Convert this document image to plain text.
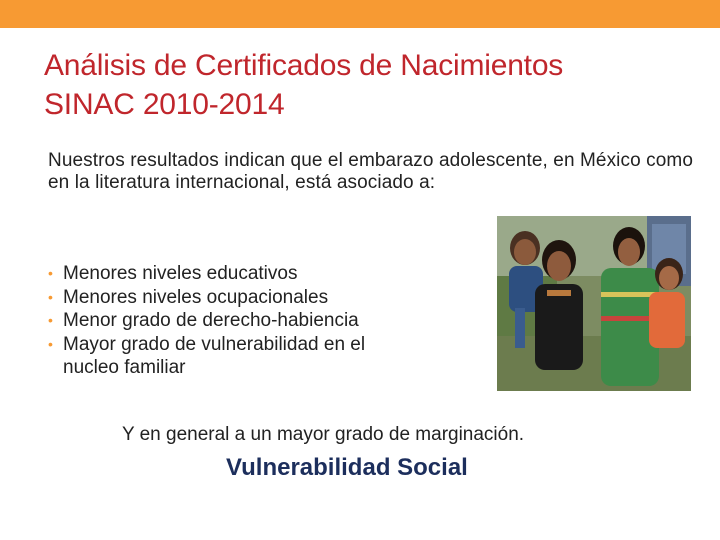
Análisis de Certificados de Nacimientos
SINAC 2010-2014
Nuestros resultados indican que el embarazo adolescente, en México como en la literatura internacional, está asociado a:
• Menores niveles educativos
• Menores niveles ocupacionales
• Menor grado de derecho-habiencia
• Mayor grado de vulnerabilidad en el
nucleo familiar
Y en general a un mayor grado de marginación.
Vulnerabilidad Social
